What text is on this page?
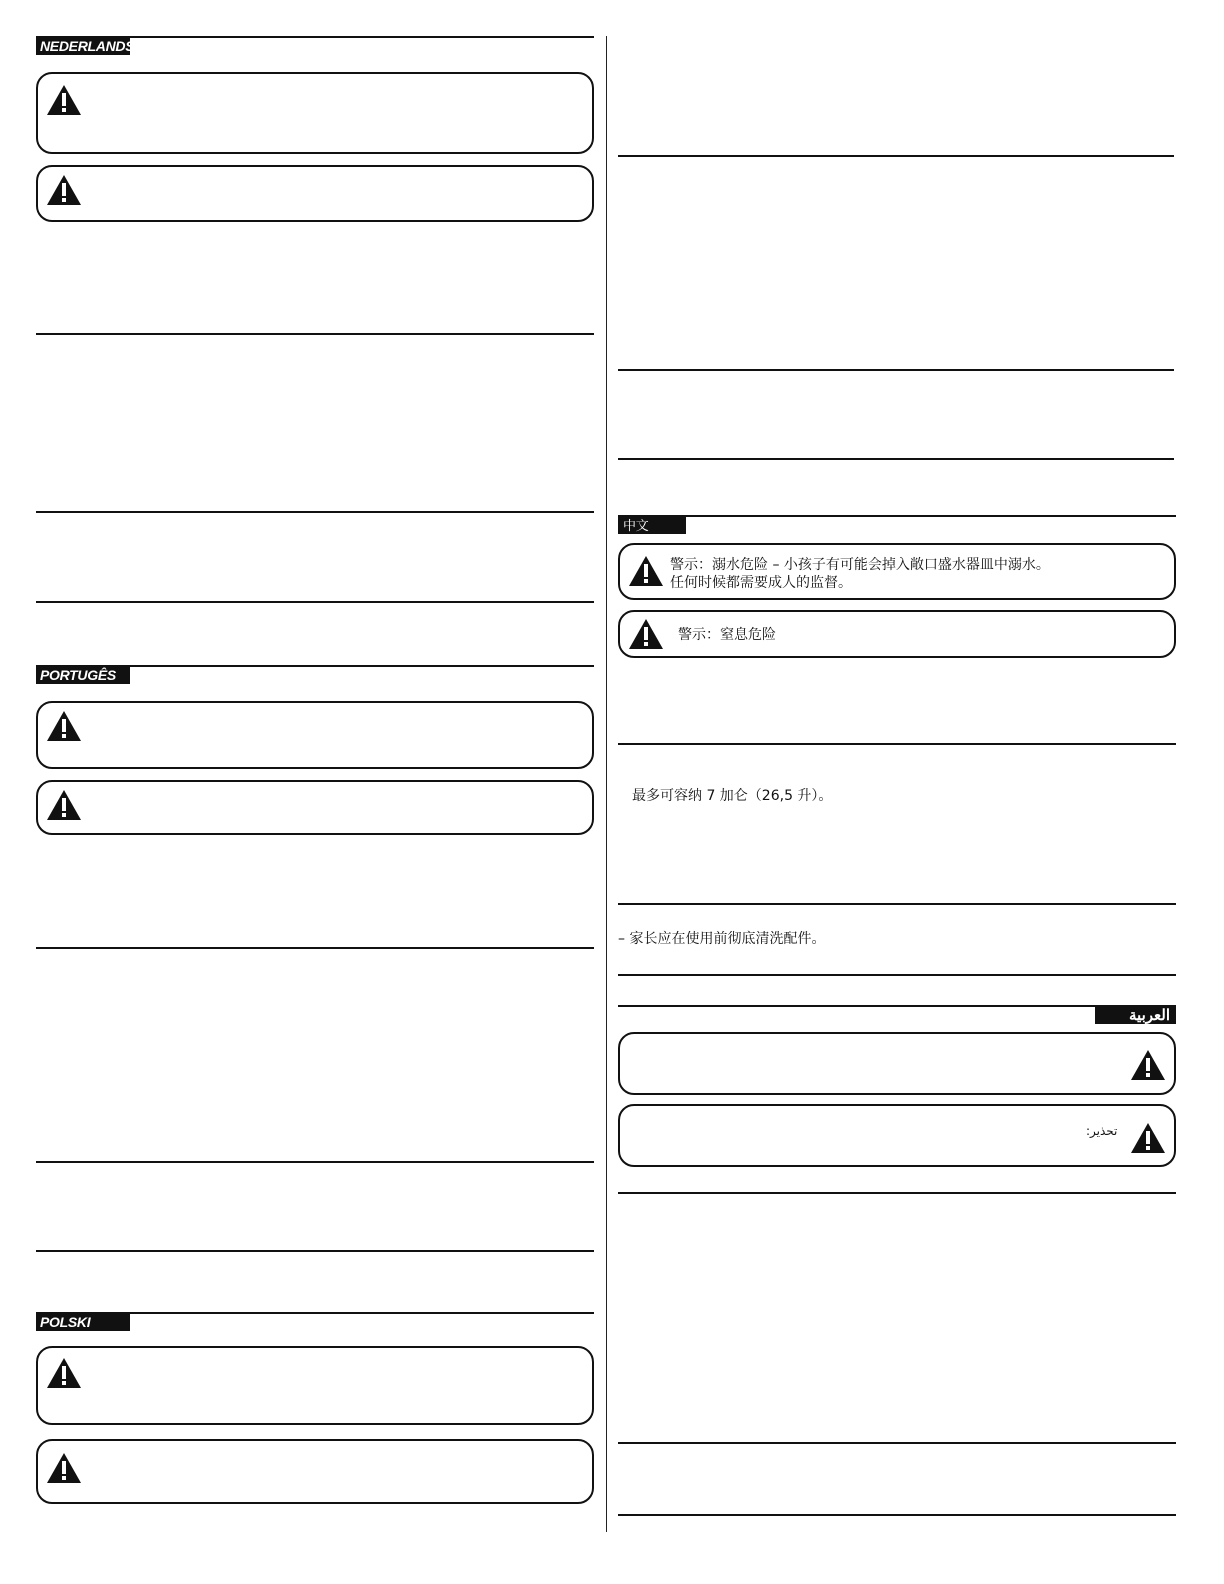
NEDERLANDS
PORTUGÊS
POLSKI
中文
警示：溺水危险 – 小孩子有可能会掉入敞口盛水器皿中溺水。
任何时候都需要成人的监督。
警示：窒息危险
最多可容纳 7 加仑（26,5 升）。
– 家长应在使用前彻底清洗配件。
العربية
تحذير:
